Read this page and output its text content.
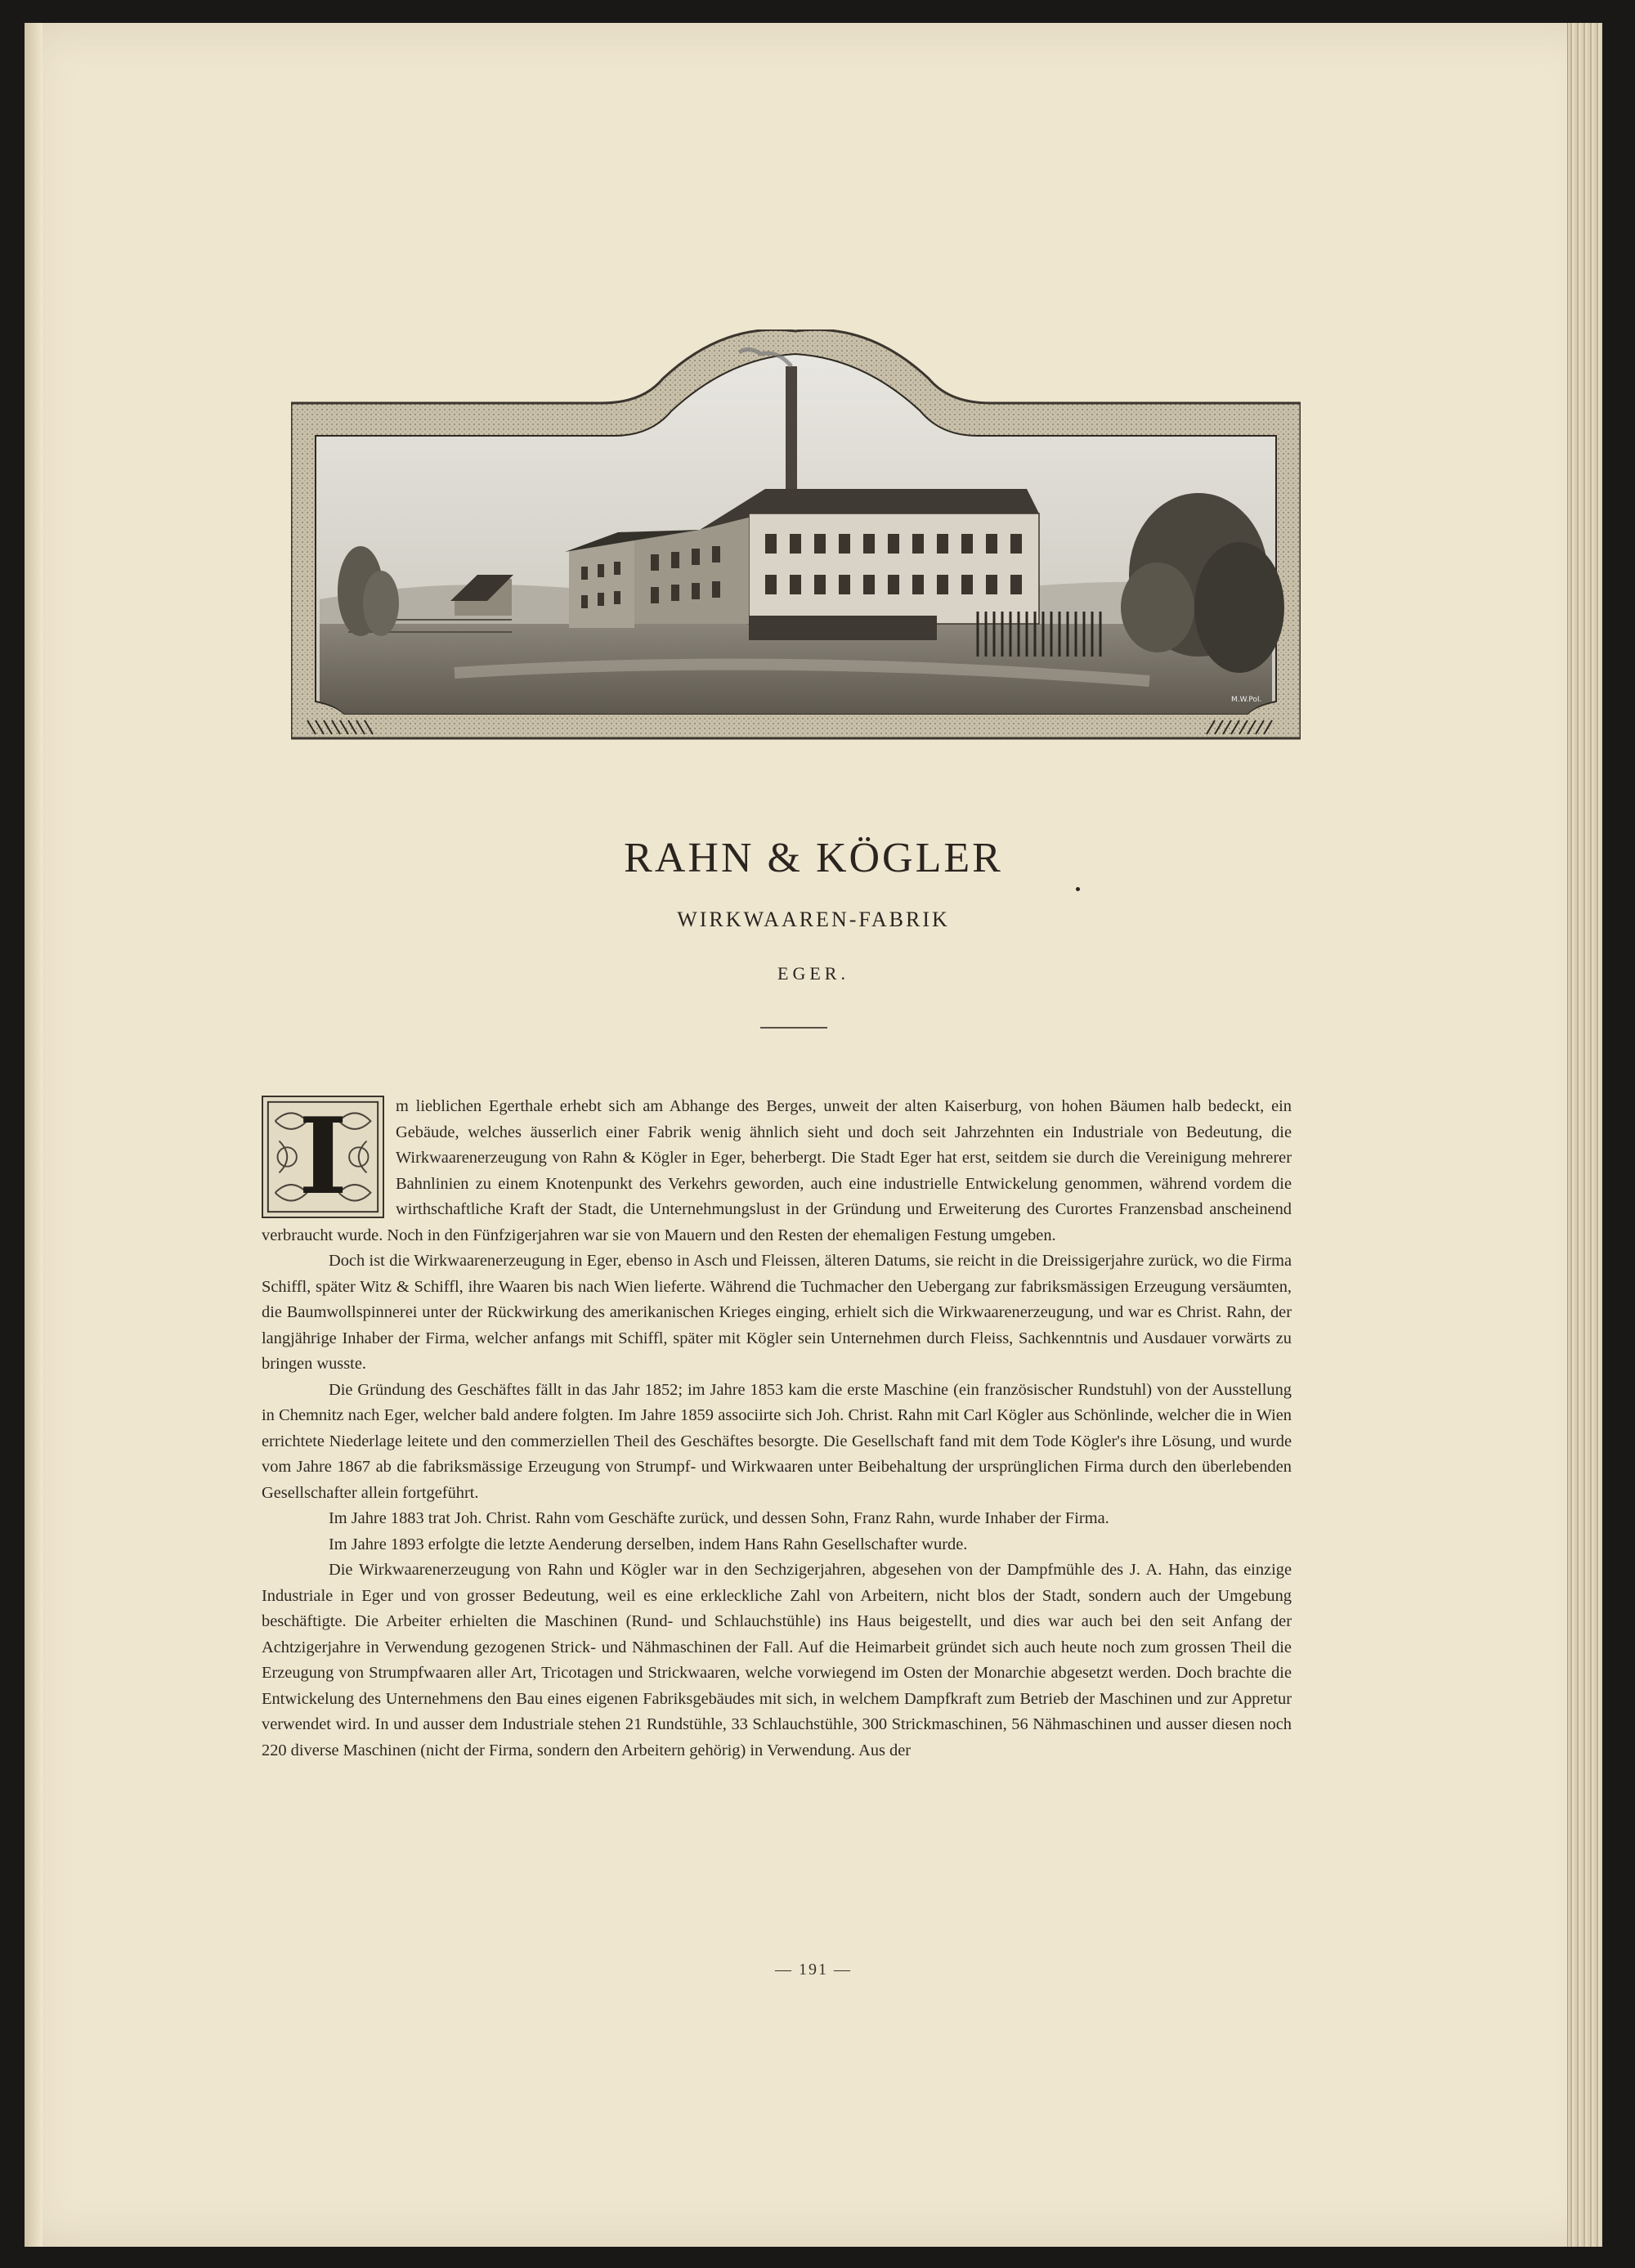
M.W.Pol.
RAHN & KÖGLER
WIRKWAAREN-FABRIK
EGER.
I	m lieblichen Egerthale erhebt sich am Abhange des Berges, unweit der alten Kaiserburg, von hohen Bäumen halb bedeckt, ein Gebäude, welches äusserlich einer Fabrik wenig ähnlich sieht und doch seit Jahrzehnten ein Industriale von Bedeutung, die Wirkwaarenerzeugung von Rahn & Kögler in Eger, beherbergt. Die Stadt Eger hat erst, seitdem sie durch die Vereinigung mehrerer Bahnlinien zu einem Knotenpunkt des Verkehrs geworden, auch eine industrielle Entwickelung genommen, während vordem die wirthschaftliche Kraft der Stadt, die Unternehmungslust in der Gründung und Erweiterung des Curortes Franzensbad anscheinend verbraucht wurde. Noch in den Fünfzigerjahren war sie von Mauern und den Resten der ehemaligen Festung umgeben.

Doch ist die Wirkwaarenerzeugung in Eger, ebenso in Asch und Fleissen, älteren Datums, sie reicht in die Dreissigerjahre zurück, wo die Firma Schiffl, später Witz & Schiffl, ihre Waaren bis nach Wien lieferte. Während die Tuchmacher den Uebergang zur fabriksmässigen Erzeugung versäumten, die Baumwollspinnerei unter der Rückwirkung des amerikanischen Krieges einging, erhielt sich die Wirkwaarenerzeugung, und war es Christ. Rahn, der langjährige Inhaber der Firma, welcher anfangs mit Schiffl, später mit Kögler sein Unternehmen durch Fleiss, Sachkenntnis und Ausdauer vorwärts zu bringen wusste.

Die Gründung des Geschäftes fällt in das Jahr 1852; im Jahre 1853 kam die erste Maschine (ein französischer Rundstuhl) von der Ausstellung in Chemnitz nach Eger, welcher bald andere folgten. Im Jahre 1859 associirte sich Joh. Christ. Rahn mit Carl Kögler aus Schönlinde, welcher die in Wien errichtete Niederlage leitete und den commerziellen Theil des Geschäftes besorgte. Die Gesellschaft fand mit dem Tode Kögler's ihre Lösung, und wurde vom Jahre 1867 ab die fabriksmässige Erzeugung von Strumpf- und Wirkwaaren unter Beibehaltung der ursprünglichen Firma durch den überlebenden Gesellschafter allein fortgeführt.

Im Jahre 1883 trat Joh. Christ. Rahn vom Geschäfte zurück, und dessen Sohn, Franz Rahn, wurde Inhaber der Firma.

Im Jahre 1893 erfolgte die letzte Aenderung derselben, indem Hans Rahn Gesellschafter wurde.

Die Wirkwaarenerzeugung von Rahn und Kögler war in den Sechzigerjahren, abgesehen von der Dampfmühle des J. A. Hahn, das einzige Industriale in Eger und von grosser Bedeutung, weil es eine erkleckliche Zahl von Arbeitern, nicht blos der Stadt, sondern auch der Umgebung beschäftigte. Die Arbeiter erhielten die Maschinen (Rund- und Schlauchstühle) ins Haus beigestellt, und dies war auch bei den seit Anfang der Achtzigerjahre in Verwendung gezogenen Strick- und Nähmaschinen der Fall. Auf die Heimarbeit gründet sich auch heute noch zum grossen Theil die Erzeugung von Strumpfwaaren aller Art, Tricotagen und Strickwaaren, welche vorwiegend im Osten der Monarchie abgesetzt werden. Doch brachte die Entwickelung des Unternehmens den Bau eines eigenen Fabriksgebäudes mit sich, in welchem Dampfkraft zum Betrieb der Maschinen und zur Appretur verwendet wird. In und ausser dem Industriale stehen 21 Rundstühle, 33 Schlauchstühle, 300 Strickmaschinen, 56 Nähmaschinen und ausser diesen noch 220 diverse Maschinen (nicht der Firma, sondern den Arbeitern gehörig) in Verwendung. Aus der

— 191 —
